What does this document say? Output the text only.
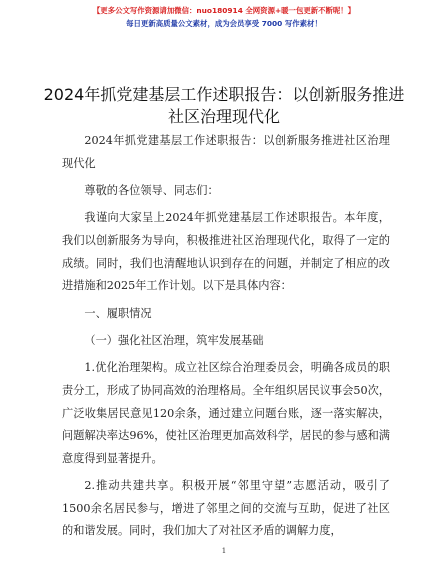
【更多公文写作资源请加微信：nuo180914 全网资源+暖一包更新不断呢！】
每日更新高质量公文素材，成为会员享受 7000 写作素材！
2024年抓党建基层工作述职报告：以创新服务推进社区治理现代化

2024年抓党建基层工作述职报告：以创新服务推进社区治理现代化

尊敬的各位领导、同志们：

我谨向大家呈上2024年抓党建基层工作述职报告。本年度，我们以创新服务为导向，积极推进社区治理现代化，取得了一定的成绩。同时，我们也清醒地认识到存在的问题，并制定了相应的改进措施和2025年工作计划。以下是具体内容：

一、履职情况

（一）强化社区治理，筑牢发展基础

1.优化治理架构。成立社区综合治理委员会，明确各成员的职责分工，形成了协同高效的治理格局。全年组织居民议事会50次，广泛收集居民意见120余条，通过建立问题台账，逐一落实解决，问题解决率达96%，使社区治理更加高效科学，居民的参与感和满意度得到显著提升。

2.推动共建共享。积极开展“邻里守望”志愿活动，吸引了1500余名居民参与，增进了邻里之间的交流与互助，促进了社区的和谐发展。同时，我们加大了对社区矛盾的调解力度，

1
